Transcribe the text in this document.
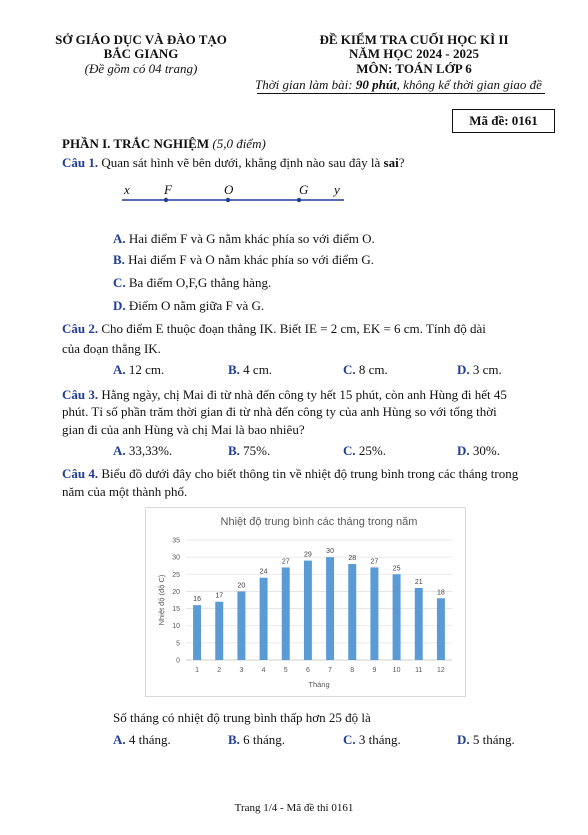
SỞ GIÁO DỤC VÀ ĐÀO TẠO
BẮC GIANG
(Đề gồm có 04 trang)
ĐỀ KIỂM TRA CUỐI HỌC KÌ II
NĂM HỌC 2024 - 2025
MÔN: TOÁN LỚP 6
Thời gian làm bài: 90 phút, không kể thời gian giao đề
Mã đề: 0161
PHẦN I. TRẮC NGHIỆM (5,0 điểm)
Câu 1. Quan sát hình vẽ bên dưới, khẳng định nào sau đây là sai?
x	F	O	G y
A. Hai điểm F và G nằm khác phía so với điểm O.
B. Hai điểm F và O nằm khác phía so với điểm G.
C. Ba điểm O,F,G thẳng hàng.
D. Điểm O nằm giữa F và G.
Câu 2. Cho điểm E thuộc đoạn thẳng IK. Biết IE = 2 cm, EK = 6 cm. Tính độ dài
của đoạn thẳng IK.
A. 12 cm.	B. 4 cm.	C. 8 cm.	D. 3 cm.
Câu 3. Hằng ngày, chị Mai đi từ nhà đến công ty hết 15 phút, còn anh Hùng đi hết 45
phút. Tỉ số phần trăm thời gian đi từ nhà đến công ty của anh Hùng so với tổng thời
gian đi của anh Hùng và chị Mai là bao nhiêu?
A. 33,33%.	B. 75%.	C. 25%.	D. 30%.
Câu 4. Biểu đồ dưới đây cho biết thông tin về nhiệt độ trung bình trong các tháng trong
năm của một thành phố.
Nhiệt độ trung bình các tháng trong năm
0
5
10
15
20
25
30
35
16
1
17
2
20
3
24
4
27
5
29
6
30
7
28
8
27
9
25
10
21
11
18
12
Tháng
Nhiệt độ (độ C)
Số tháng có nhiệt độ trung bình thấp hơn 25 độ là
A. 4 tháng.	B. 6 tháng.	C. 3 tháng.	D. 5 tháng.
Trang 1/4 - Mã đề thi 0161
